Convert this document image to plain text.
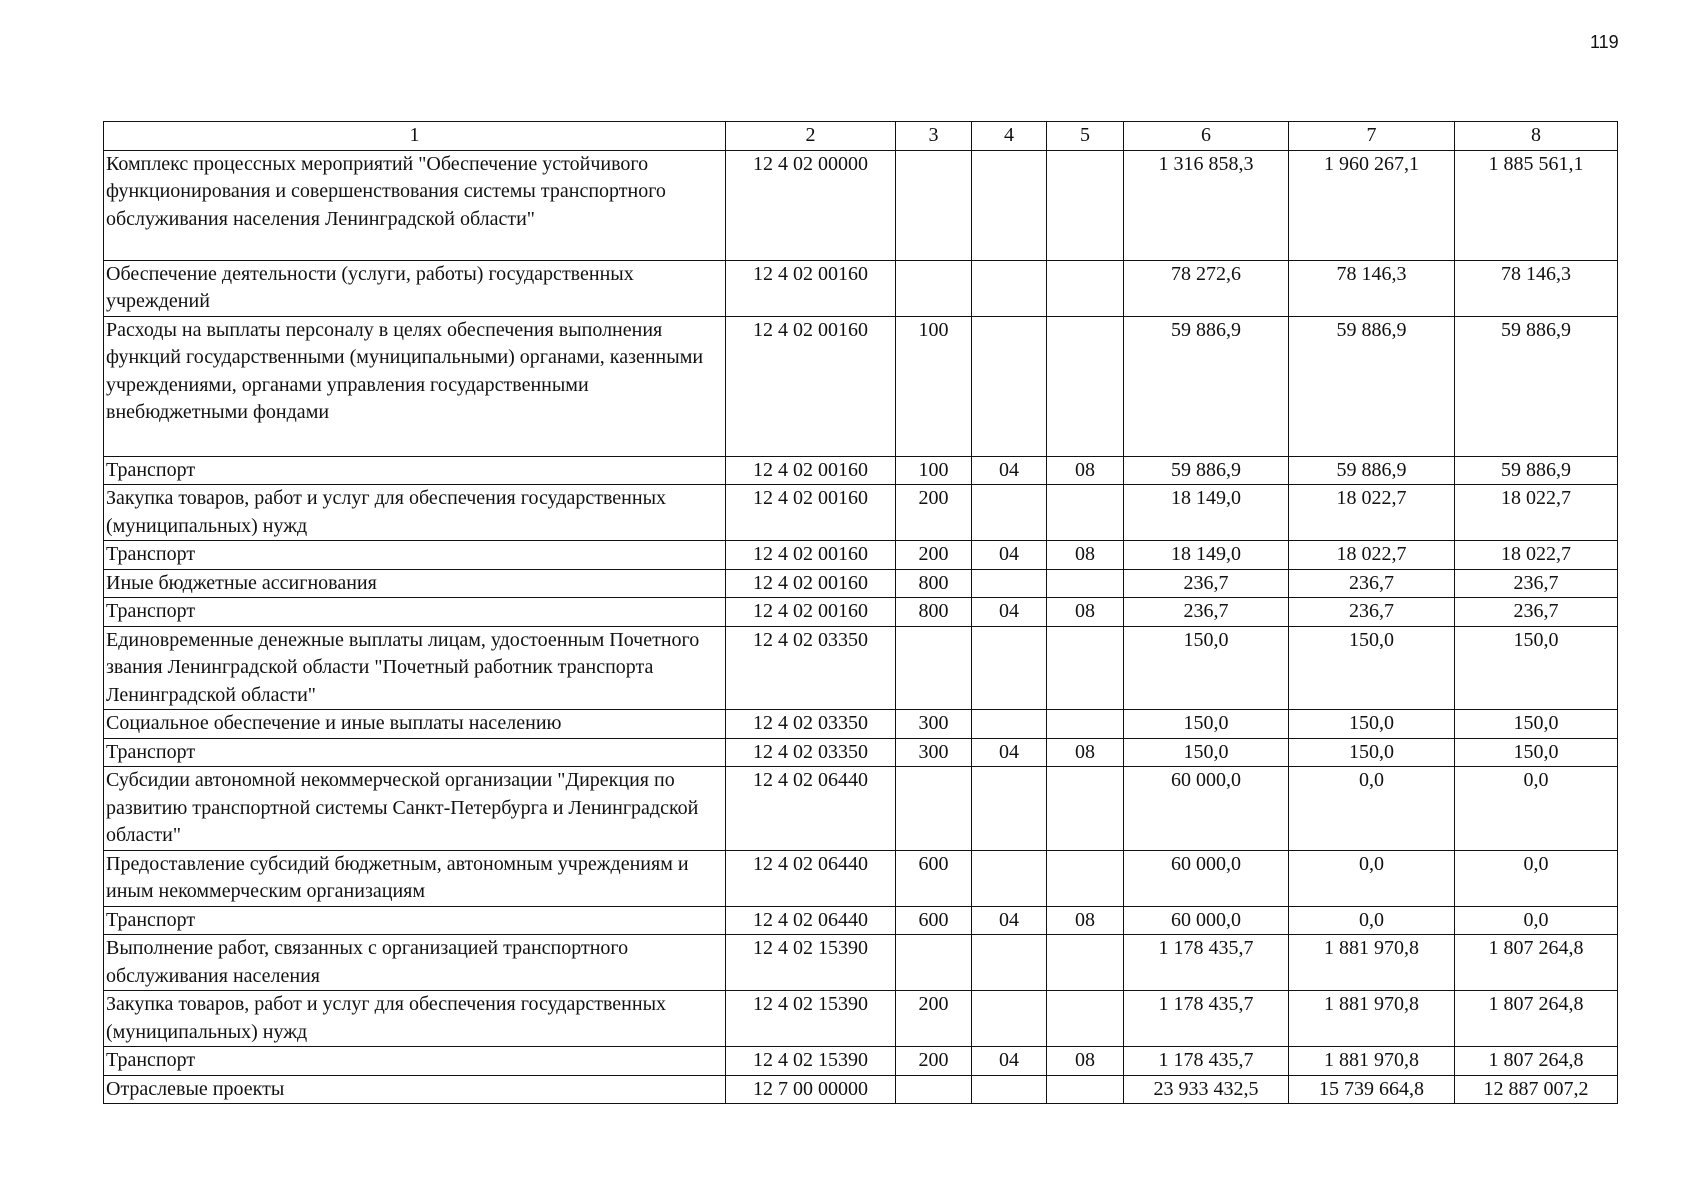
119
1	2	3	4	5	6	7	8
Комплекс процессных мероприятий "Обеспечение устойчивого функционирования и совершенствования системы транспортного обслуживания населения Ленинградской области"	12 4 02 00000				1 316 858,3	1 960 267,1	1 885 561,1
Обеспечение деятельности (услуги, работы) государственных учреждений	12 4 02 00160				78 272,6	78 146,3	78 146,3
Расходы на выплаты персоналу в целях обеспечения выполнения функций государственными (муниципальными) органами, казенными учреждениями, органами управления государственными внебюджетными фондами	12 4 02 00160	100			59 886,9	59 886,9	59 886,9
Транспорт	12 4 02 00160	100	04	08	59 886,9	59 886,9	59 886,9
Закупка товаров, работ и услуг для обеспечения государственных (муниципальных) нужд	12 4 02 00160	200			18 149,0	18 022,7	18 022,7
Транспорт	12 4 02 00160	200	04	08	18 149,0	18 022,7	18 022,7
Иные бюджетные ассигнования	12 4 02 00160	800			236,7	236,7	236,7
Транспорт	12 4 02 00160	800	04	08	236,7	236,7	236,7
Единовременные денежные выплаты лицам, удостоенным Почетного звания Ленинградской области "Почетный работник транспорта Ленинградской области"	12 4 02 03350				150,0	150,0	150,0
Социальное обеспечение и иные выплаты населению	12 4 02 03350	300			150,0	150,0	150,0
Транспорт	12 4 02 03350	300	04	08	150,0	150,0	150,0
Субсидии автономной некоммерческой организации "Дирекция по развитию транспортной системы Санкт-Петербурга и Ленинградской области"	12 4 02 06440				60 000,0	0,0	0,0
Предоставление субсидий бюджетным, автономным учреждениям и иным некоммерческим организациям	12 4 02 06440	600			60 000,0	0,0	0,0
Транспорт	12 4 02 06440	600	04	08	60 000,0	0,0	0,0
Выполнение работ, связанных с организацией транспортного обслуживания населения	12 4 02 15390				1 178 435,7	1 881 970,8	1 807 264,8
Закупка товаров, работ и услуг для обеспечения государственных (муниципальных) нужд	12 4 02 15390	200			1 178 435,7	1 881 970,8	1 807 264,8
Транспорт	12 4 02 15390	200	04	08	1 178 435,7	1 881 970,8	1 807 264,8
Отраслевые проекты	12 7 00 00000				23 933 432,5	15 739 664,8	12 887 007,2
